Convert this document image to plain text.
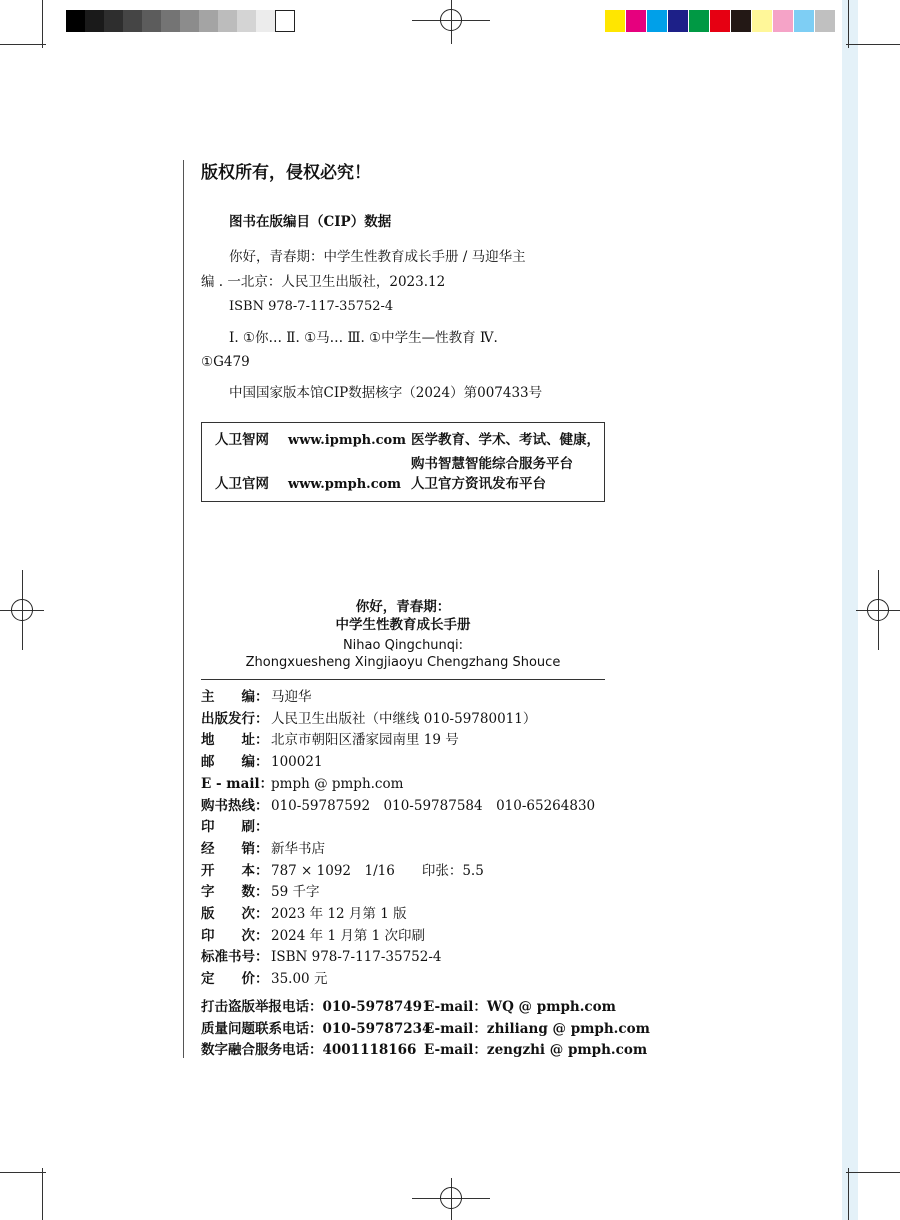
版权所有，侵权必究！
图书在版编目（CIP）数据
你好，青春期：中学生性教育成长手册 / 马迎华主
编 . 一北京：人民卫生出版社，2023.12
ISBN 978-7-117-35752-4
Ⅰ. ①你… Ⅱ. ①马… Ⅲ. ①中学生—性教育 Ⅳ.
①G479
中国国家版本馆CIP数据核字（2024）第007433号
人卫智网 www.ipmph.com 医学教育、学术、考试、健康，
购书智慧智能综合服务平台
人卫官网 www.pmph.com 人卫官方资讯发布平台
你好，青春期：
中学生性教育成长手册
Nihao Qingchunqi:
Zhongxuesheng Xingjiaoyu Chengzhang Shouce
主　　编： 马迎华
出版发行： 人民卫生出版社（中继线 010-59780011）
地　　址： 北京市朝阳区潘家园南里 19 号
邮　　编： 100021
E - mail：pmph @ pmph.com
购书热线： 010-59787592　010-59787584　010-65264830
印　　刷：
经　　销： 新华书店
开　　本： 787 × 1092　1/16　　印张：5.5
字　　数： 59 千字
版　　次： 2023 年 12 月第 1 版
印　　次： 2024 年 1 月第 1 次印刷
标准书号： ISBN 978-7-117-35752-4
定　　价： 35.00 元
打击盗版举报电话：010-59787491E-mail：WQ @ pmph.com
质量问题联系电话：010-59787234E-mail：zhiliang @ pmph.com
数字融合服务电话：4001118166 E-mail：zengzhi @ pmph.com
